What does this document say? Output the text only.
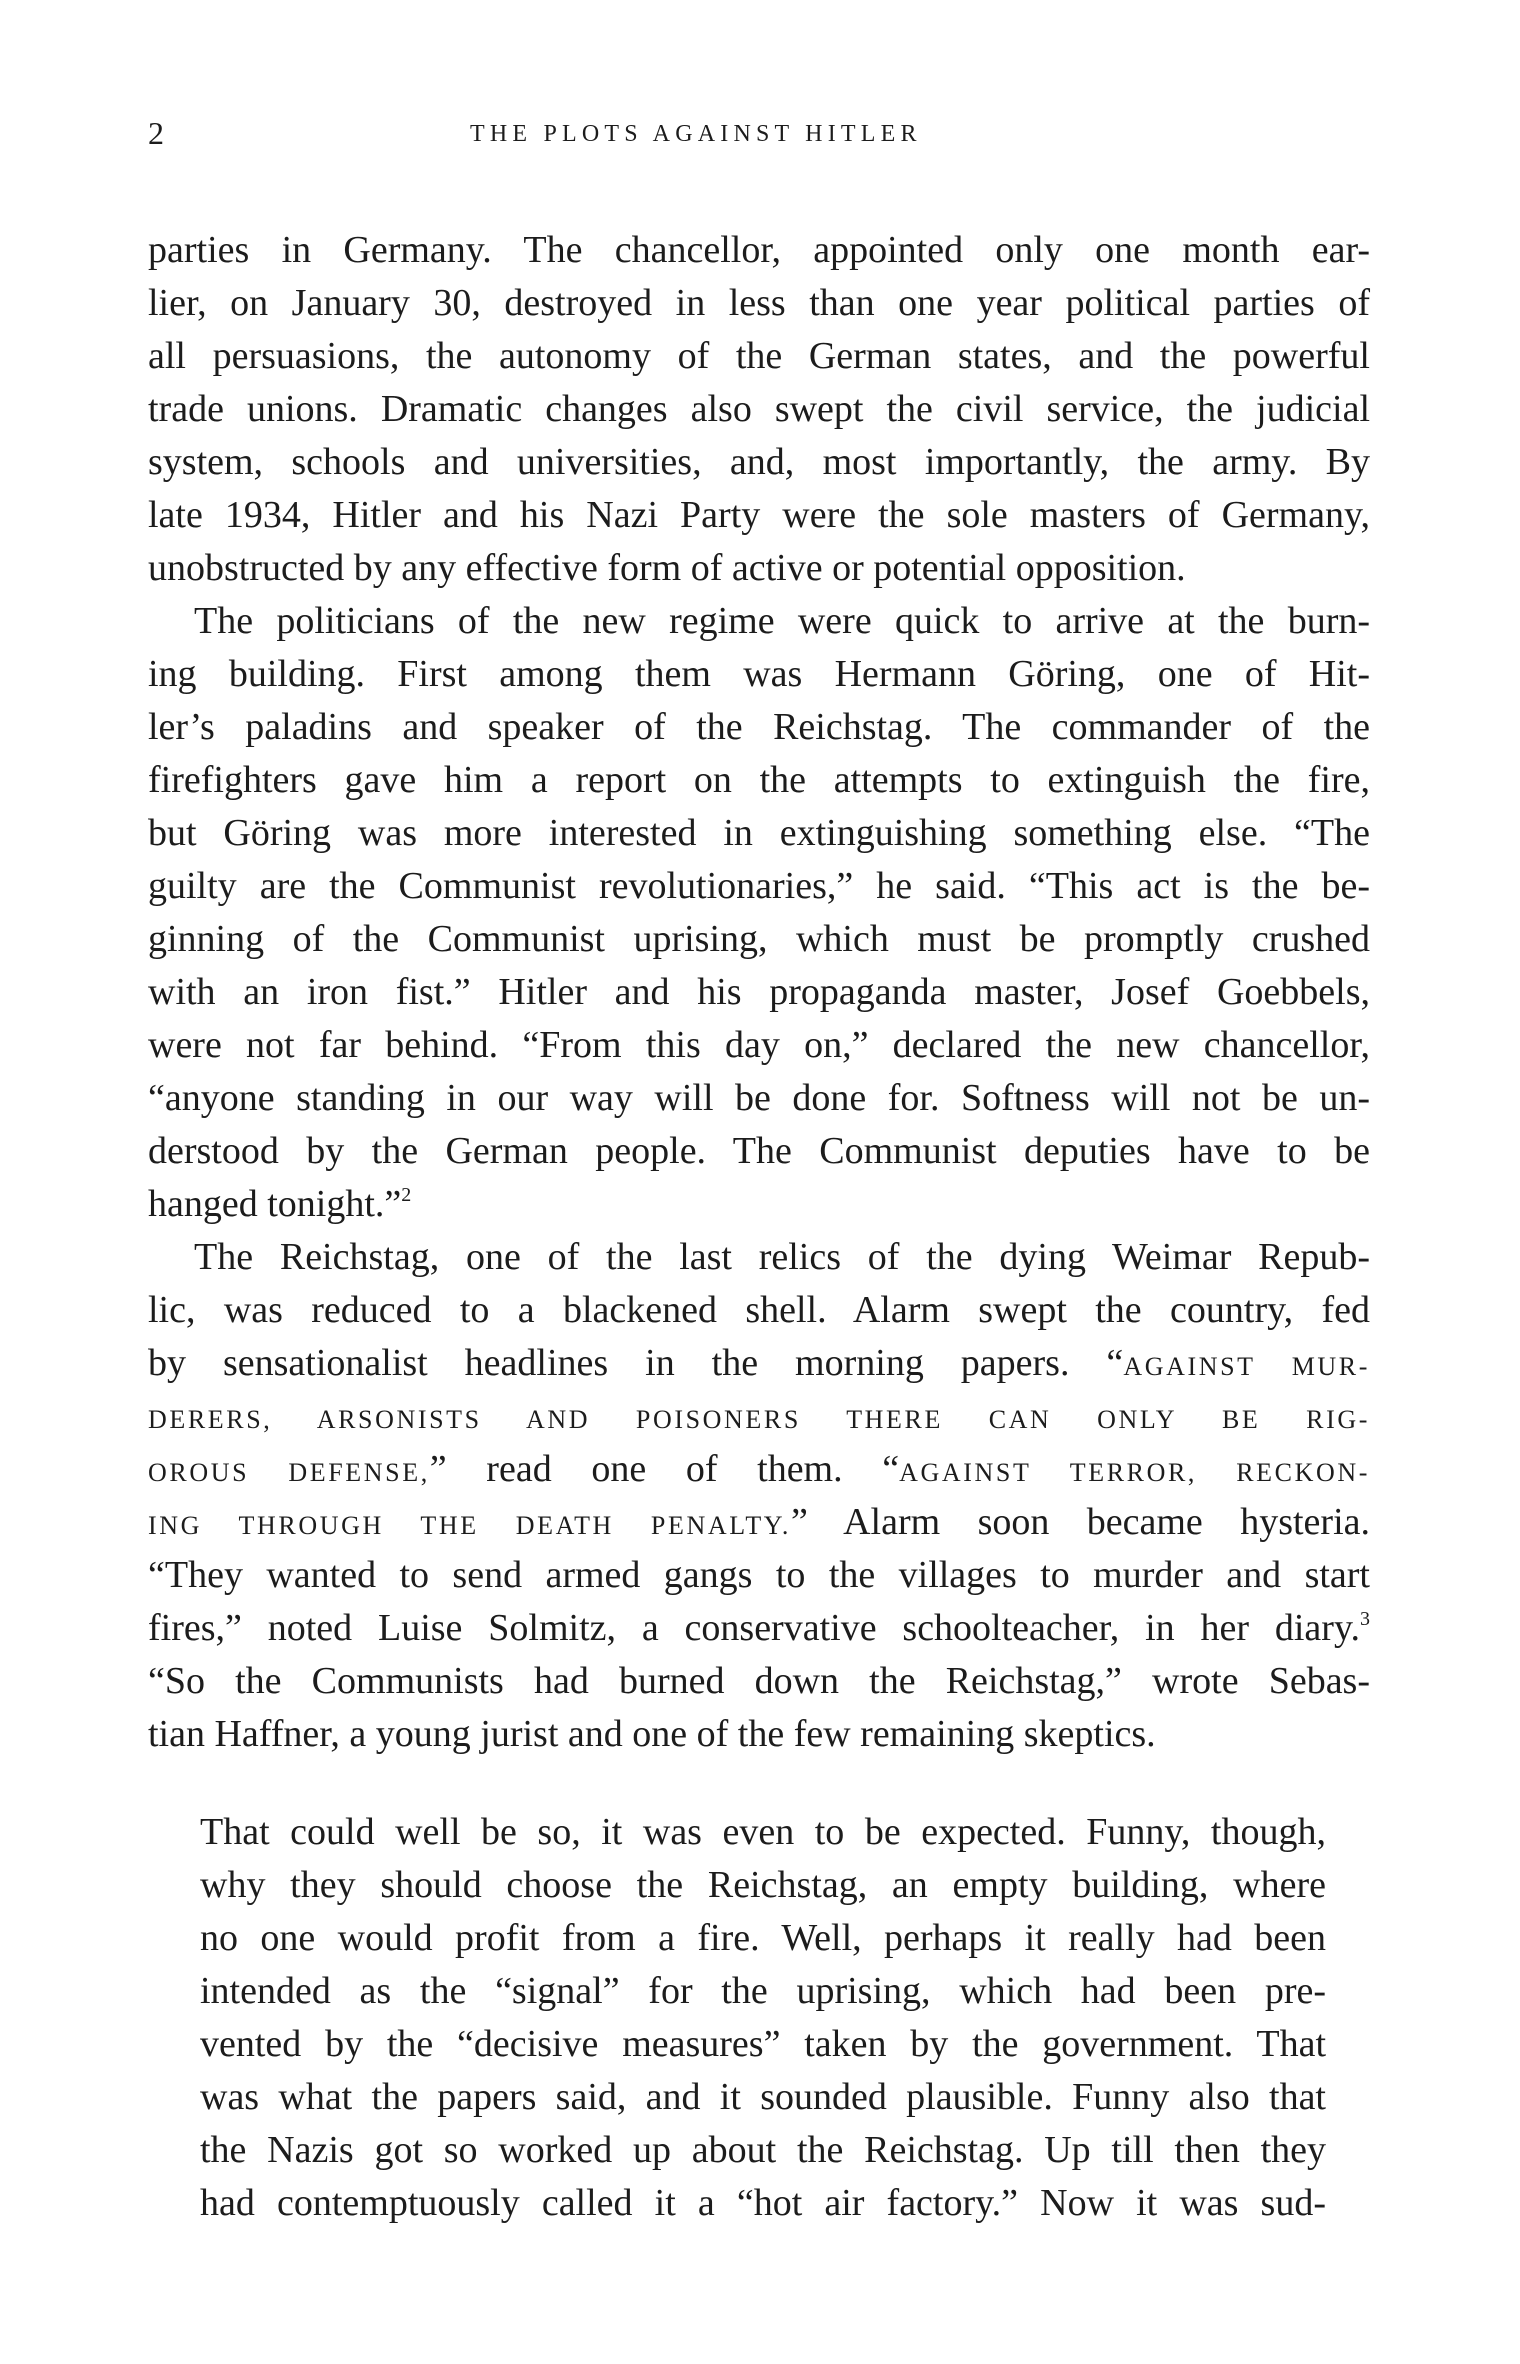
2	THE PLOTS AGAINST HITLER
parties in Germany. The chancellor, appointed only one month ear-
lier, on January 30, destroyed in less than one year political parties of
all persuasions, the autonomy of the German states, and the powerful
trade unions. Dramatic changes also swept the civil service, the judicial
system, schools and universities, and, most importantly, the army. By
late 1934, Hitler and his Nazi Party were the sole masters of Germany,
unobstructed by any effective form of active or potential opposition.
The politicians of the new regime were quick to arrive at the burn-
ing building. First among them was Hermann Göring, one of Hit-
ler’s paladins and speaker of the Reichstag. The commander of the
firefighters gave him a report on the attempts to extinguish the fire,
but Göring was more interested in extinguishing something else. “The
guilty are the Communist revolutionaries,” he said. “This act is the be-
ginning of the Communist uprising, which must be promptly crushed
with an iron fist.” Hitler and his propaganda master, Josef Goebbels,
were not far behind. “From this day on,” declared the new chancellor,
“anyone standing in our way will be done for. Softness will not be un-
derstood by the German people. The Communist deputies have to be
hanged tonight.”$^2$
The Reichstag, one of the last relics of the dying Weimar Repub-
lic, was reduced to a blackened shell. Alarm swept the country, fed
by sensationalist headlines in the morning papers. “AGAINST MUR-
DERERS, ARSONISTS AND POISONERS THERE CAN ONLY BE RIG-
OROUS DEFENSE,” read one of them. “AGAINST TERROR, RECKON-
ING THROUGH THE DEATH PENALTY.” Alarm soon became hysteria.
“They wanted to send armed gangs to the villages to murder and start
fires,” noted Luise Solmitz, a conservative schoolteacher, in her diary.$^3$
“So the Communists had burned down the Reichstag,” wrote Sebas-
tian Haffner, a young jurist and one of the few remaining skeptics.
That could well be so, it was even to be expected. Funny, though,
why they should choose the Reichstag, an empty building, where
no one would profit from a fire. Well, perhaps it really had been
intended as the “signal” for the uprising, which had been pre-
vented by the “decisive measures” taken by the government. That
was what the papers said, and it sounded plausible. Funny also that
the Nazis got so worked up about the Reichstag. Up till then they
had contemptuously called it a “hot air factory.” Now it was sud-
